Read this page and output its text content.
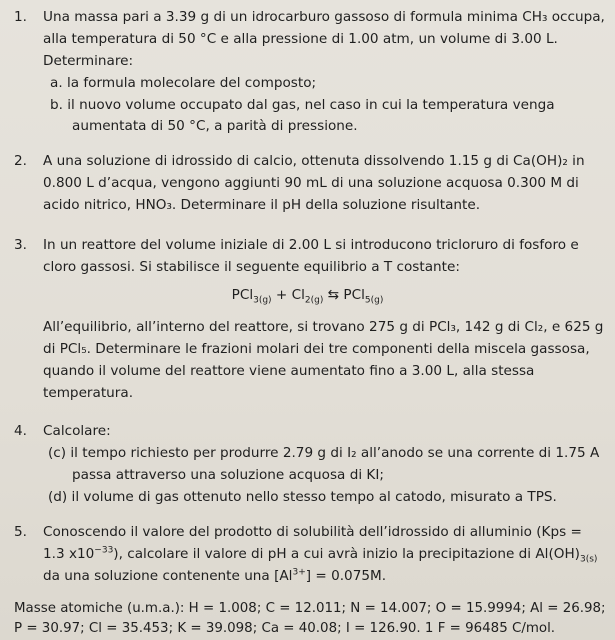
1. Una massa pari a 3.39 g di un idrocarburo gassoso di formula minima CH₃ occupa,
alla temperatura di 50 °C e alla pressione di 1.00 atm, un volume di 3.00 L.
Determinare:
a. la formula molecolare del composto;
b. il nuovo volume occupato dal gas, nel caso in cui la temperatura venga
aumentata di 50 °C, a parità di pressione.
2. A una soluzione di idrossido di calcio, ottenuta dissolvendo 1.15 g di Ca(OH)₂ in
0.800 L d’acqua, vengono aggiunti 90 mL di una soluzione acquosa 0.300 M di
acido nitrico, HNO₃. Determinare il pH della soluzione risultante.
3. In un reattore del volume iniziale di 2.00 L si introducono tricloruro di fosforo e
cloro gassosi. Si stabilisce il seguente equilibrio a T costante:
$PCl_{3(g)} + Cl_{2(g)}$ ⇆ PCl$_{5(g)}$
All’equilibrio, all’interno del reattore, si trovano 275 g di PCl₃, 142 g di Cl₂, e 625 g
di PCl₅. Determinare le frazioni molari dei tre componenti della miscela gassosa,
quando il volume del reattore viene aumentato fino a 3.00 L, alla stessa
temperatura.
4. Calcolare:
(c) il tempo richiesto per produrre 2.79 g di I₂ all’anodo se una corrente di 1.75 A
passa attraverso una soluzione acquosa di KI;
(d) il volume di gas ottenuto nello stesso tempo al catodo, misurato a TPS.
5. Conoscendo il valore del prodotto di solubilità dell’idrossido di alluminio (Kps =
1.3 $x10^{-33}$), calcolare il valore di pH a cui avrà inizio la precipitazione di $Al(OH)_{3(s)}$
da una soluzione contenente una $[Al^{3+}] = 0.075M$.
Masse atomiche (u.m.a.): H = 1.008; C = 12.011; N = 14.007; O = 15.9994; Al = 26.98;
P = 30.97; Cl = 35.453; K = 39.098; Ca = 40.08; I = 126.90. 1 F = 96485 C/mol.
